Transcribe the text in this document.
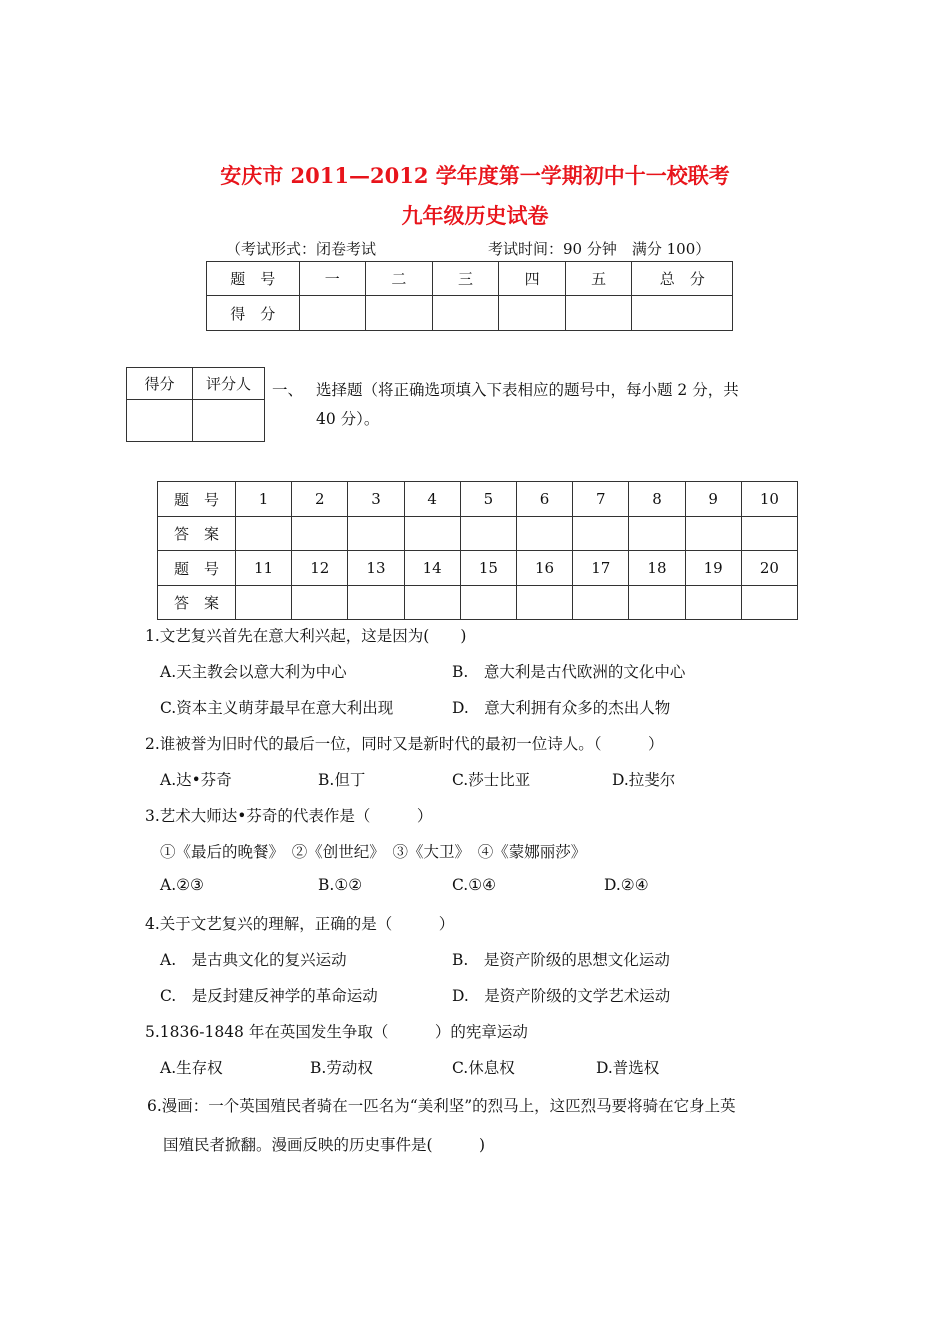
安庆市 2011—2012 学年度第一学期初中十一校联考
九年级历史试卷
（考试形式：闭卷考试	考试时间：90 分钟　满分 100）
题　号	一	二	三	四	五	总　分
得　分						
得分	评分人
	一、 选择题（将正确选项填入下表相应的题号中，每小题 2 分，共
40 分）。
题　号	1	2	3	4	5	6	7	8	9	10
答　案										
题　号	11	12	13	14	15	16	17	18	19	20
答　案										
1.文艺复兴首先在意大利兴起，这是因为(　　)
A.天主教会以意大利为中心	B.　意大利是古代欧洲的文化中心
C.资本主义萌芽最早在意大利出现	D.　意大利拥有众多的杰出人物
2.谁被誉为旧时代的最后一位，同时又是新时代的最初一位诗人。（　　　）
A.达•芬奇	B.但丁	C.莎士比亚	D.拉斐尔
3.艺术大师达•芬奇的代表作是（　　　）
①《最后的晚餐》　②《创世纪》　③《大卫》　④《蒙娜丽莎》
A.②③	B.①②	C.①④	D.②④
4.关于文艺复兴的理解，正确的是（　　　）
A.　是古典文化的复兴运动	B.　是资产阶级的思想文化运动
C.　是反封建反神学的革命运动	D.　是资产阶级的文学艺术运动
5.1836-1848 年在英国发生争取（　　　）的宪章运动
A.生存权	B.劳动权	C.休息权	D.普选权
6.漫画：一个英国殖民者骑在一匹名为“美利坚”的烈马上，这匹烈马要将骑在它身上英
国殖民者掀翻。漫画反映的历史事件是(　　　)
